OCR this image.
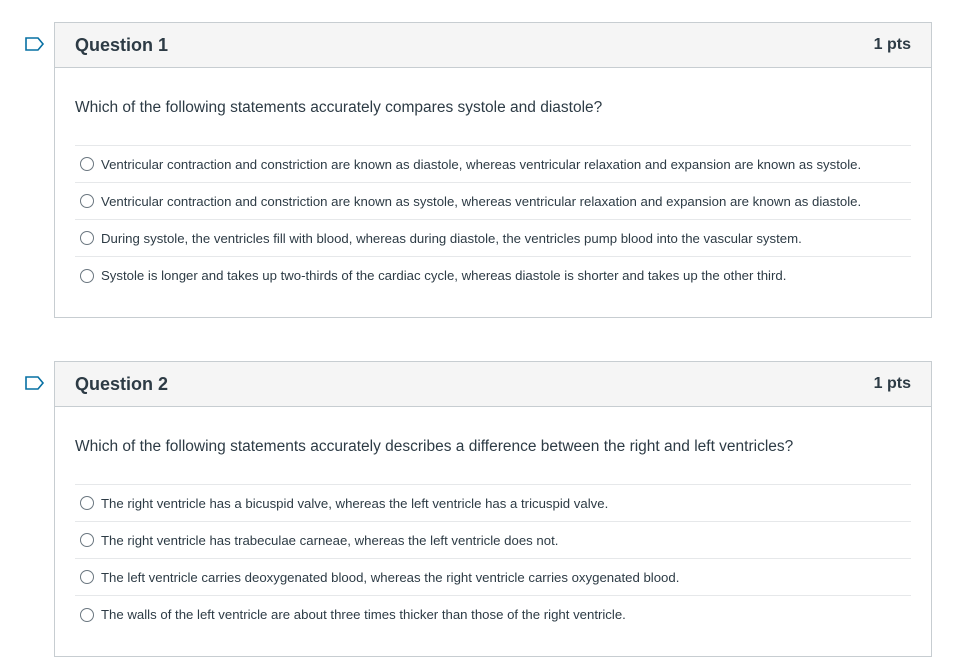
Question 1	1 pts

Which of the following statements accurately compares systole and diastole?

Ventricular contraction and constriction are known as diastole, whereas ventricular relaxation and expansion are known as systole.
Ventricular contraction and constriction are known as systole, whereas ventricular relaxation and expansion are known as diastole.
During systole, the ventricles fill with blood, whereas during diastole, the ventricles pump blood into the vascular system.
Systole is longer and takes up two-thirds of the cardiac cycle, whereas diastole is shorter and takes up the other third.
Question 2	1 pts

Which of the following statements accurately describes a difference between the right and left ventricles?

The right ventricle has a bicuspid valve, whereas the left ventricle has a tricuspid valve.
The right ventricle has trabeculae carneae, whereas the left ventricle does not.
The left ventricle carries deoxygenated blood, whereas the right ventricle carries oxygenated blood.
The walls of the left ventricle are about three times thicker than those of the right ventricle.
